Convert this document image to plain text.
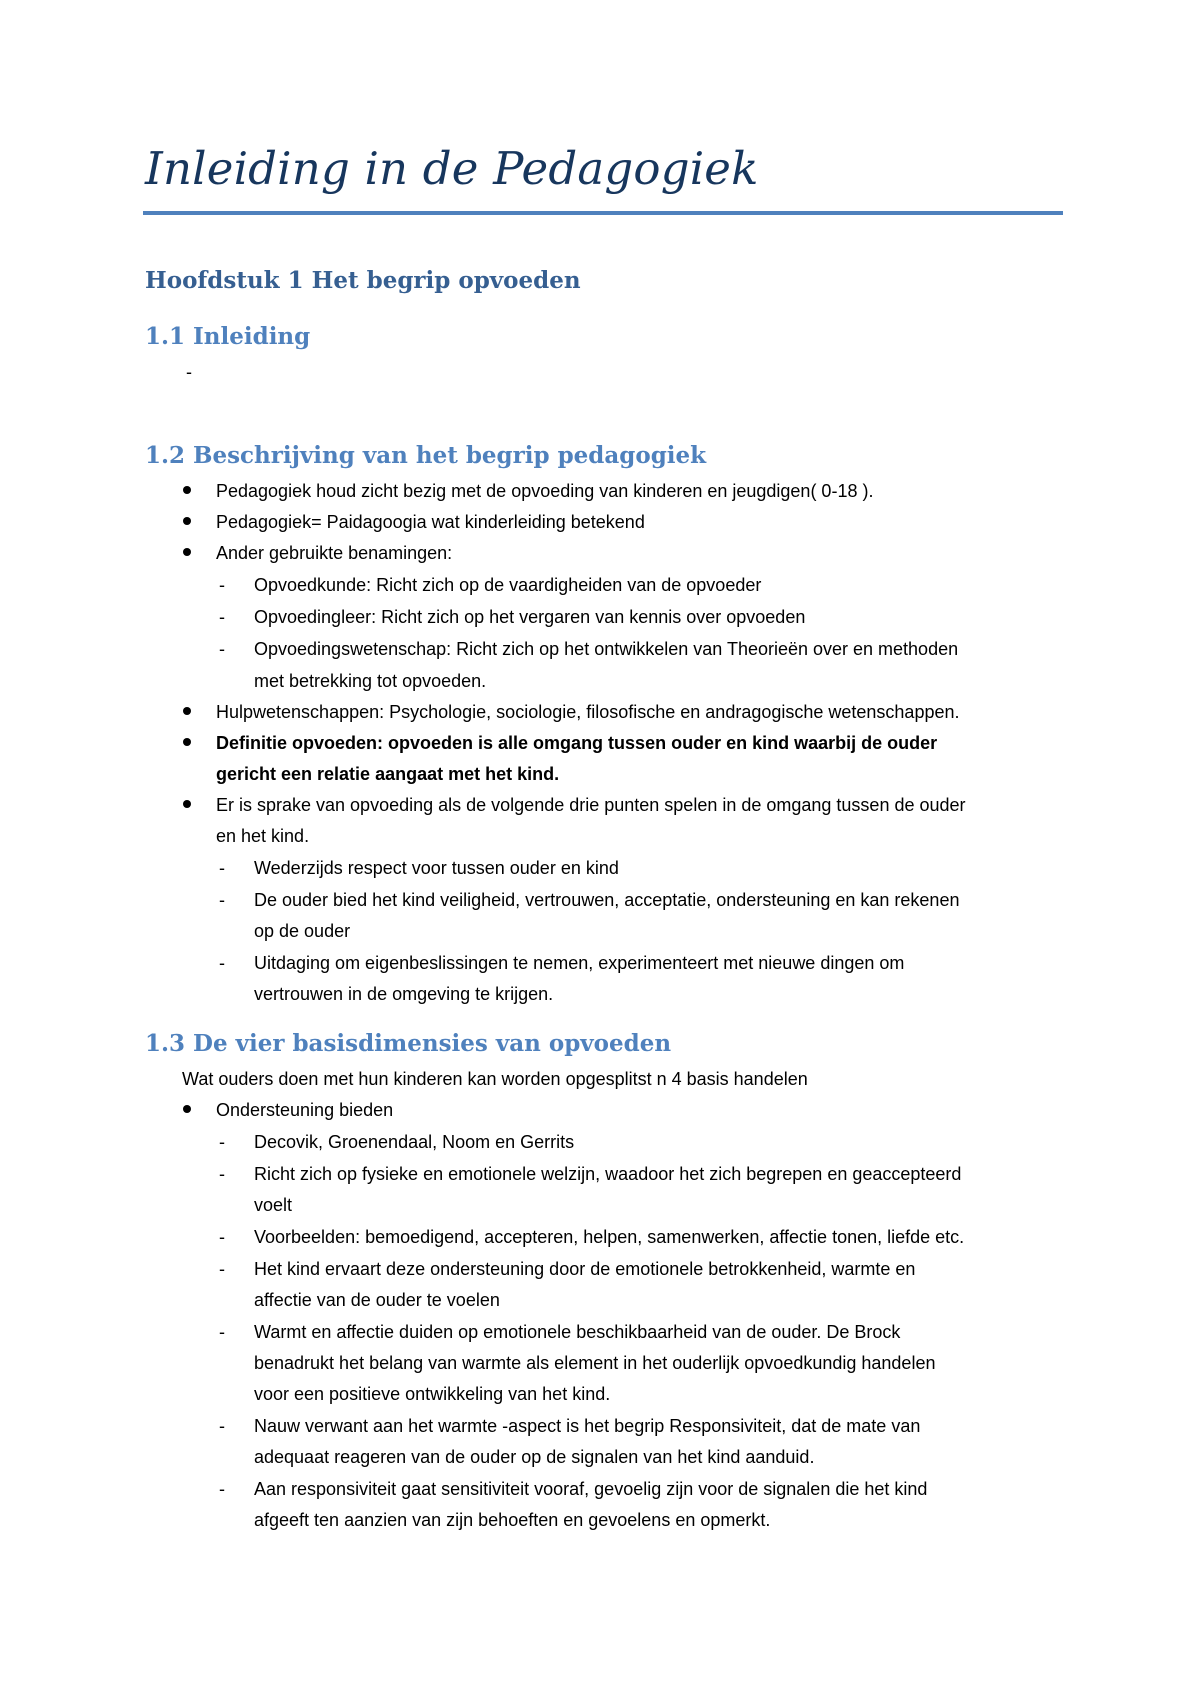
Inleiding in de Pedagogiek
Hoofdstuk 1 Het begrip opvoeden
1.1 Inleiding
-
1.2 Beschrijving van het begrip pedagogiek
Pedagogiek houd zicht bezig met de opvoeding van kinderen en jeugdigen( 0-18 ).
Pedagogiek= Paidagoogia wat kinderleiding betekend
Ander gebruikte benamingen:
- Opvoedkunde: Richt zich op de vaardigheiden van de opvoeder
- Opvoedingleer: Richt zich op het vergaren van kennis over opvoeden
- Opvoedingswetenschap: Richt zich op het ontwikkelen van Theorieën over en methoden
met betrekking tot opvoeden.
Hulpwetenschappen: Psychologie, sociologie, filosofische en andragogische wetenschappen.
Definitie opvoeden: opvoeden is alle omgang tussen ouder en kind waarbij de ouder
gericht een relatie aangaat met het kind.
Er is sprake van opvoeding als de volgende drie punten spelen in de omgang tussen de ouder
en het kind.
- Wederzijds respect voor tussen ouder en kind
- De ouder bied het kind veiligheid, vertrouwen, acceptatie, ondersteuning en kan rekenen
op de ouder
- Uitdaging om eigenbeslissingen te nemen, experimenteert met nieuwe dingen om
vertrouwen in de omgeving te krijgen.
1.3 De vier basisdimensies van opvoeden
Wat ouders doen met hun kinderen kan worden opgesplitst n 4 basis handelen
Ondersteuning bieden
- Decovik, Groenendaal, Noom en Gerrits
- Richt zich op fysieke en emotionele welzijn, waadoor het zich begrepen en geaccepteerd
voelt
- Voorbeelden: bemoedigend, accepteren, helpen, samenwerken, affectie tonen, liefde etc.
- Het kind ervaart deze ondersteuning door de emotionele betrokkenheid, warmte en
affectie van de ouder te voelen
- Warmt en affectie duiden op emotionele beschikbaarheid van de ouder. De Brock
benadrukt het belang van warmte als element in het ouderlijk opvoedkundig handelen
voor een positieve ontwikkeling van het kind.
- Nauw verwant aan het warmte -aspect is het begrip Responsiviteit, dat de mate van
adequaat reageren van de ouder op de signalen van het kind aanduid.
- Aan responsiviteit gaat sensitiviteit vooraf, gevoelig zijn voor de signalen die het kind
afgeeft ten aanzien van zijn behoeften en gevoelens en opmerkt.
